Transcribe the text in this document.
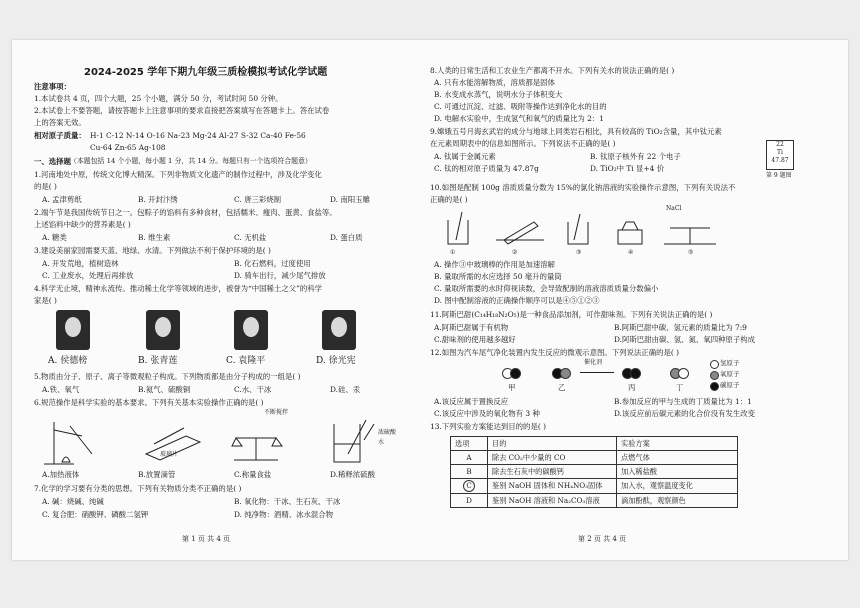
2024-2025 学年下期九年级三质检模拟考试化学试题
注意事项：
1.本试卷共 4 页，四个大题，25 个小题，满分 50 分，考试时间 50 分钟。
2.本试卷上不要答题，请按答题卡上注意事项的要求直接把答案填写在答题卡上。答在试卷
上的答案无效。
相对原子质量： H-1 C-12 N-14 O-16 Na-23 Mg-24 Al-27 S-32 Ca-40 Fe-56
Cu-64 Zn-65 Ag-108
一、选择题 （本题包括 14 个小题，每小题 1 分，共 14 分。每题只有一个选项符合题意）
1.河南地处中原，传统文化博大精深。下列非物质文化遗产的制作过程中，涉及化学变化
的是( )
A. 孟津剪纸	B. 开封汴绣	C. 唐三彩烧制	D. 南阳玉雕
2.端午节是我国传统节日之一。包粽子的馅料有多种食材，包括糯米、瘦肉、蛋黄、食盐等。
上述馅料中缺少的营养素是( )
A. 糖类	B. 维生素	C. 无机盐	D. 蛋白质
3.建设美丽家园需要天蓝、地绿、水清。下列做法不利于保护环境的是( )
A. 开发荒地，植树造林	B. 化石燃料，过度使用
C. 工业废水，处理后再排放	D. 骑车出行，减少尾气排放
4.科学无止境，精神永流传。推动稀土化学等领域的进步，被誉为“中国稀土之父”的科学
家是( )
A. 侯德榜	B. 张青莲	C. 袁隆平	D. 徐光宪
5.物质由分子、原子、离子等微观粒子构成。下列物质都是由分子构成的一组是( )
A.铁、氧气	B.氦气、硫酸铜	C.水、干冰	D.硅、汞
6.规范操作是科学实验的基本要求。下列有关基本实验操作正确的是( )
不断搅拌
玻璃片
浓硫酸
水
A.加热液体	B.放置滴管	C.称量食盐	D.稀释浓硫酸
7.化学的学习要有分类的思想。下列有关物质分类不正确的是( )
A. 碱：烧碱、纯碱	B. 氧化物：干冰、生石灰、干冰
C. 复合肥：硝酸钾、磷酸二氢钾	D. 纯净物：酒精、冰水混合物
第 1 页 共 4 页
8.人类的日常生活和工农业生产都离不开水。下列有关水的说法正确的是( )
A. 只有水能溶解物质，溶质都是固体
B. 水变成水蒸气，说明水分子体积变大
C. 可通过沉淀、过滤、吸附等操作达到净化水的目的
D. 电解水实验中，生成氢气和氧气的质量比为 2：1
9.嫦娥五号月海玄武岩的成分与地球上同类岩石相比，具有较高的 TiO₂含量，其中钛元素
在元素周期表中的信息如图所示。下列说法不正确的是( )
A. 钛属于金属元素	B. 钛原子核外有 22 个电子
C. 钛的相对原子质量为 47.87g	D. TiO₂中 Ti 显+4 价
22
Ti
47.87
第 9 题图
10.如图是配制 100g 溶质质量分数为 15%的氯化钠溶液的实验操作示意图，下列有关说法不
正确的是( )
NaCl
①	②	③	④	⑤
A. 操作③中玻璃棒的作用是加速溶解
B. 量取所需的水应选择 50 毫升的量筒
C. 量取所需要的水时仰视读数，会导致配制的溶液溶质质量分数偏小
D. 图中配制溶液的正确操作顺序可以是④⑤①②③
11.阿斯巴甜(C₁₄H₁₈N₂O₅)是一种食品添加剂，可作甜味剂。下列有关说法正确的是( )
A.阿斯巴甜属于有机物	B.阿斯巴甜中碳、氢元素的质量比为 7:9
C.甜味剂的使用越多越好	D.阿斯巴甜由碳、氢、氮、氧四种原子构成
12.如图为汽车尾气净化装置内发生反应的微观示意图。下列说法正确的是( )
催化剂
甲	乙	丙	丁
氢原子
氧原子
碳原子
A.该反应属于置换反应	B.参加反应的甲与生成的丁质量比为 1：1
C.该反应中涉及的氧化物有 3 种	D.该反应前后碳元素的化合价没有发生改变
13.下列实验方案能达到目的的是( )
选项	目的	实验方案
A	除去 CO₂中少量的 CO	点燃气体
B	除去生石灰中的碳酸钙	加入稀盐酸
C	鉴别 NaOH 固体和 NH₄NO₃固体	加入水，观察温度变化
D	鉴别 NaOH 溶液和 Na₂CO₃溶液	滴加酚酞，观察颜色
第 2 页 共 4 页
